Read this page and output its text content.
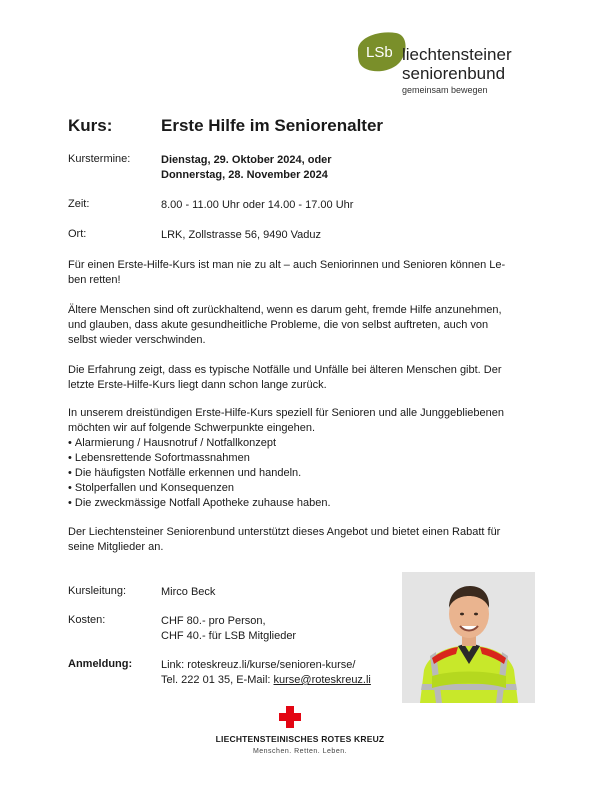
LSb liechtensteiner
seniorenbund
gemeinsam bewegen
Kurs:	Erste Hilfe im Seniorenalter
Kurstermine:	Dienstag, 29. Oktober 2024, oder
Donnerstag, 28. November 2024
Zeit:	8.00 - 11.00 Uhr oder 14.00 - 17.00 Uhr
Ort:	LRK, Zollstrasse 56, 9490 Vaduz
Für einen Erste-Hilfe-Kurs ist man nie zu alt – auch Seniorinnen und Senioren können Le-
ben retten!
Ältere Menschen sind oft zurückhaltend, wenn es darum geht, fremde Hilfe anzunehmen,
und glauben, dass akute gesundheitliche Probleme, die von selbst auftreten, auch von
selbst wieder verschwinden.
Die Erfahrung zeigt, dass es typische Notfälle und Unfälle bei älteren Menschen gibt. Der
letzte Erste-Hilfe-Kurs liegt dann schon lange zurück.
In unserem dreistündigen Erste-Hilfe-Kurs speziell für Senioren und alle Junggebliebenen
möchten wir auf folgende Schwerpunkte eingehen.
• Alarmierung / Hausnotruf / Notfallkonzept
• Lebensrettende Sofortmassnahmen
• Die häufigsten Notfälle erkennen und handeln.
• Stolperfallen und Konsequenzen
• Die zweckmässige Notfall Apotheke zuhause haben.
Der Liechtensteiner Seniorenbund unterstützt dieses Angebot und bietet einen Rabatt für
seine Mitglieder an.
Kursleitung:	Mirco Beck
Kosten:	CHF 80.- pro Person,
CHF 40.- für LSB Mitglieder
Anmeldung:	Link: roteskreuz.li/kurse/senioren-kurse/
Tel. 222 01 35, E-Mail: kurse@roteskreuz.li
LIECHTENSTEINISCHES ROTES KREUZ
Menschen. Retten. Leben.
